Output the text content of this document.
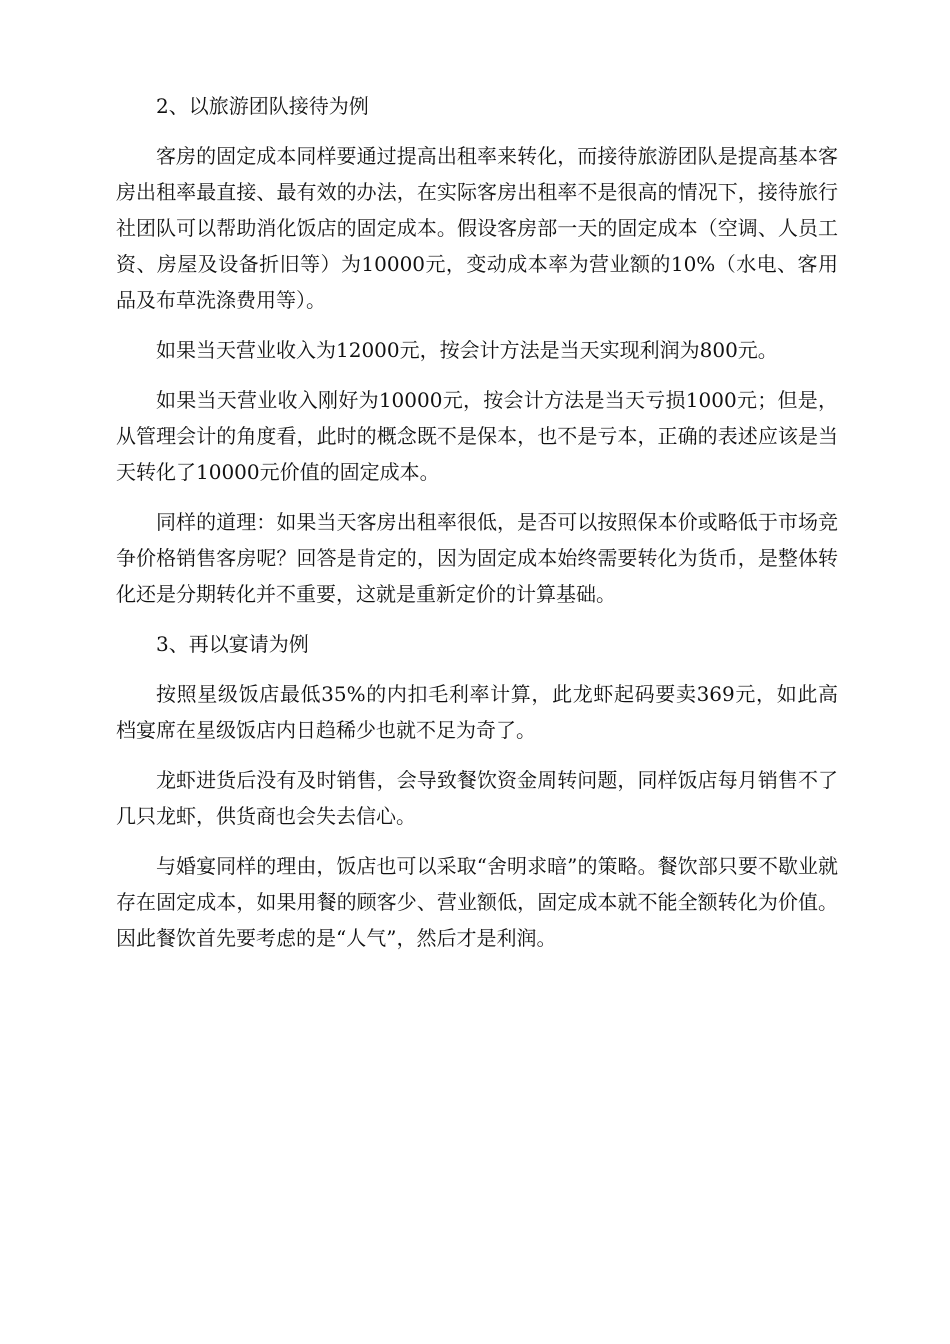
2、以旅游团队接待为例

客房的固定成本同样要通过提高出租率来转化，而接待旅游团队是提高基本客房出租率最直接、最有效的办法，在实际客房出租率不是很高的情况下，接待旅行社团队可以帮助消化饭店的固定成本。假设客房部一天的固定成本（空调、人员工资、房屋及设备折旧等）为10000元，变动成本率为营业额的10%（水电、客用品及布草洗涤费用等）。

如果当天营业收入为12000元，按会计方法是当天实现利润为800元。

如果当天营业收入刚好为10000元，按会计方法是当天亏损1000元；但是，从管理会计的角度看，此时的概念既不是保本，也不是亏本，正确的表述应该是当天转化了10000元价值的固定成本。

同样的道理：如果当天客房出租率很低，是否可以按照保本价或略低于市场竞争价格销售客房呢？回答是肯定的，因为固定成本始终需要转化为货币，是整体转化还是分期转化并不重要，这就是重新定价的计算基础。

3、再以宴请为例

按照星级饭店最低35%的内扣毛利率计算，此龙虾起码要卖369元，如此高档宴席在星级饭店内日趋稀少也就不足为奇了。

龙虾进货后没有及时销售，会导致餐饮资金周转问题，同样饭店每月销售不了几只龙虾，供货商也会失去信心。

与婚宴同样的理由，饭店也可以采取“舍明求暗”的策略。餐饮部只要不歇业就存在固定成本，如果用餐的顾客少、营业额低，固定成本就不能全额转化为价值。因此餐饮首先要考虑的是“人气”，然后才是利润。
